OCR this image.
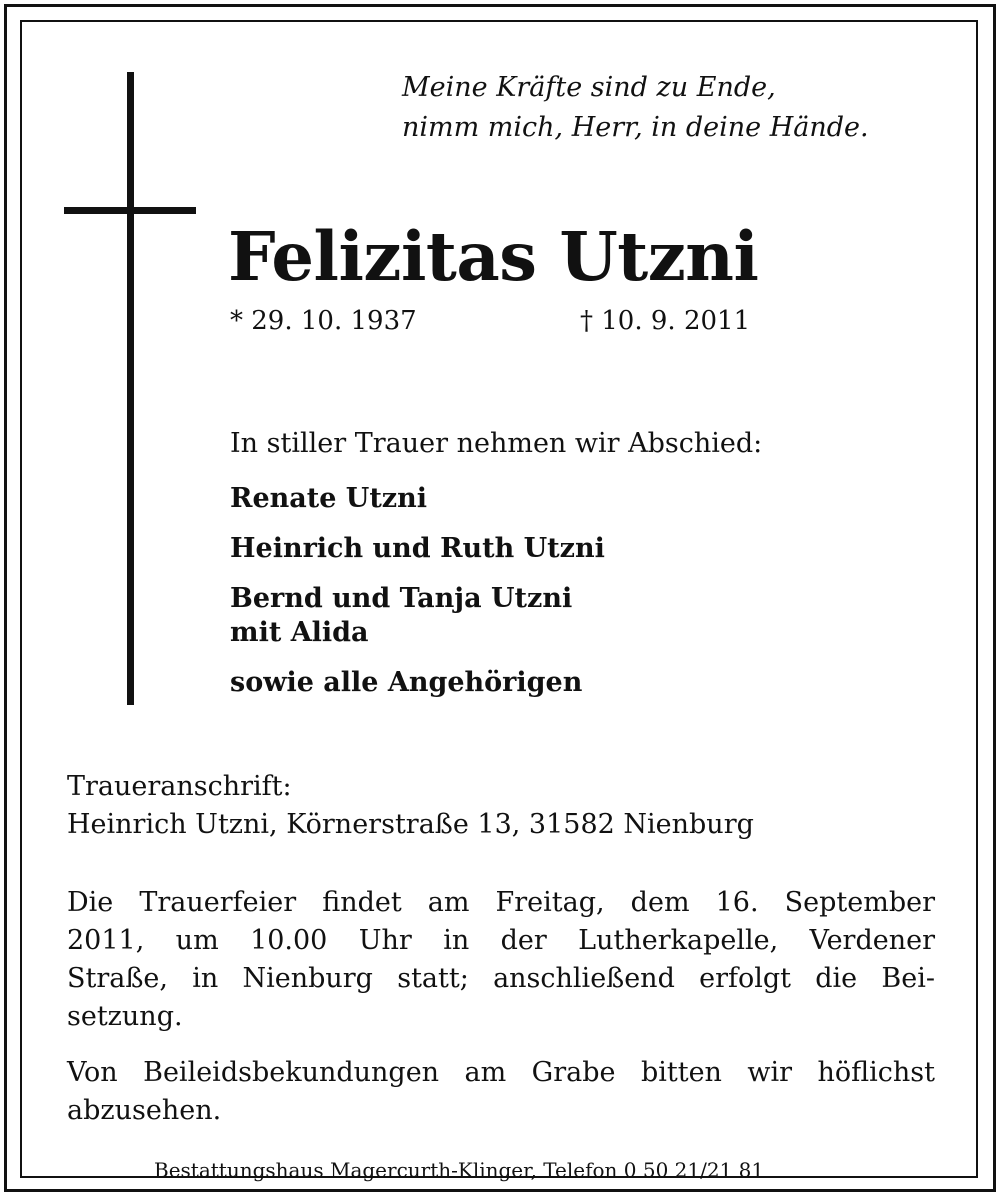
Meine Kräfte sind zu Ende,
nimm mich, Herr, in deine Hände.
Felizitas Utzni
* 29. 10. 1937	† 10. 9. 2011
In stiller Trauer nehmen wir Abschied:
Renate Utzni
Heinrich und Ruth Utzni
Bernd und Tanja Utzni
mit Alida
sowie alle Angehörigen
Traueranschrift:
Heinrich Utzni, Körnerstraße 13, 31582 Nienburg
Die Trauerfeier findet am Freitag, dem 16. September
2011, um 10.00 Uhr in der Lutherkapelle, Verdener
Straße, in Nienburg statt; anschließend erfolgt die Bei-
setzung.
Von Beileidsbekundungen am Grabe bitten wir höflichst
abzusehen.
Bestattungshaus Magercurth-Klinger, Telefon 0 50 21/21 81
